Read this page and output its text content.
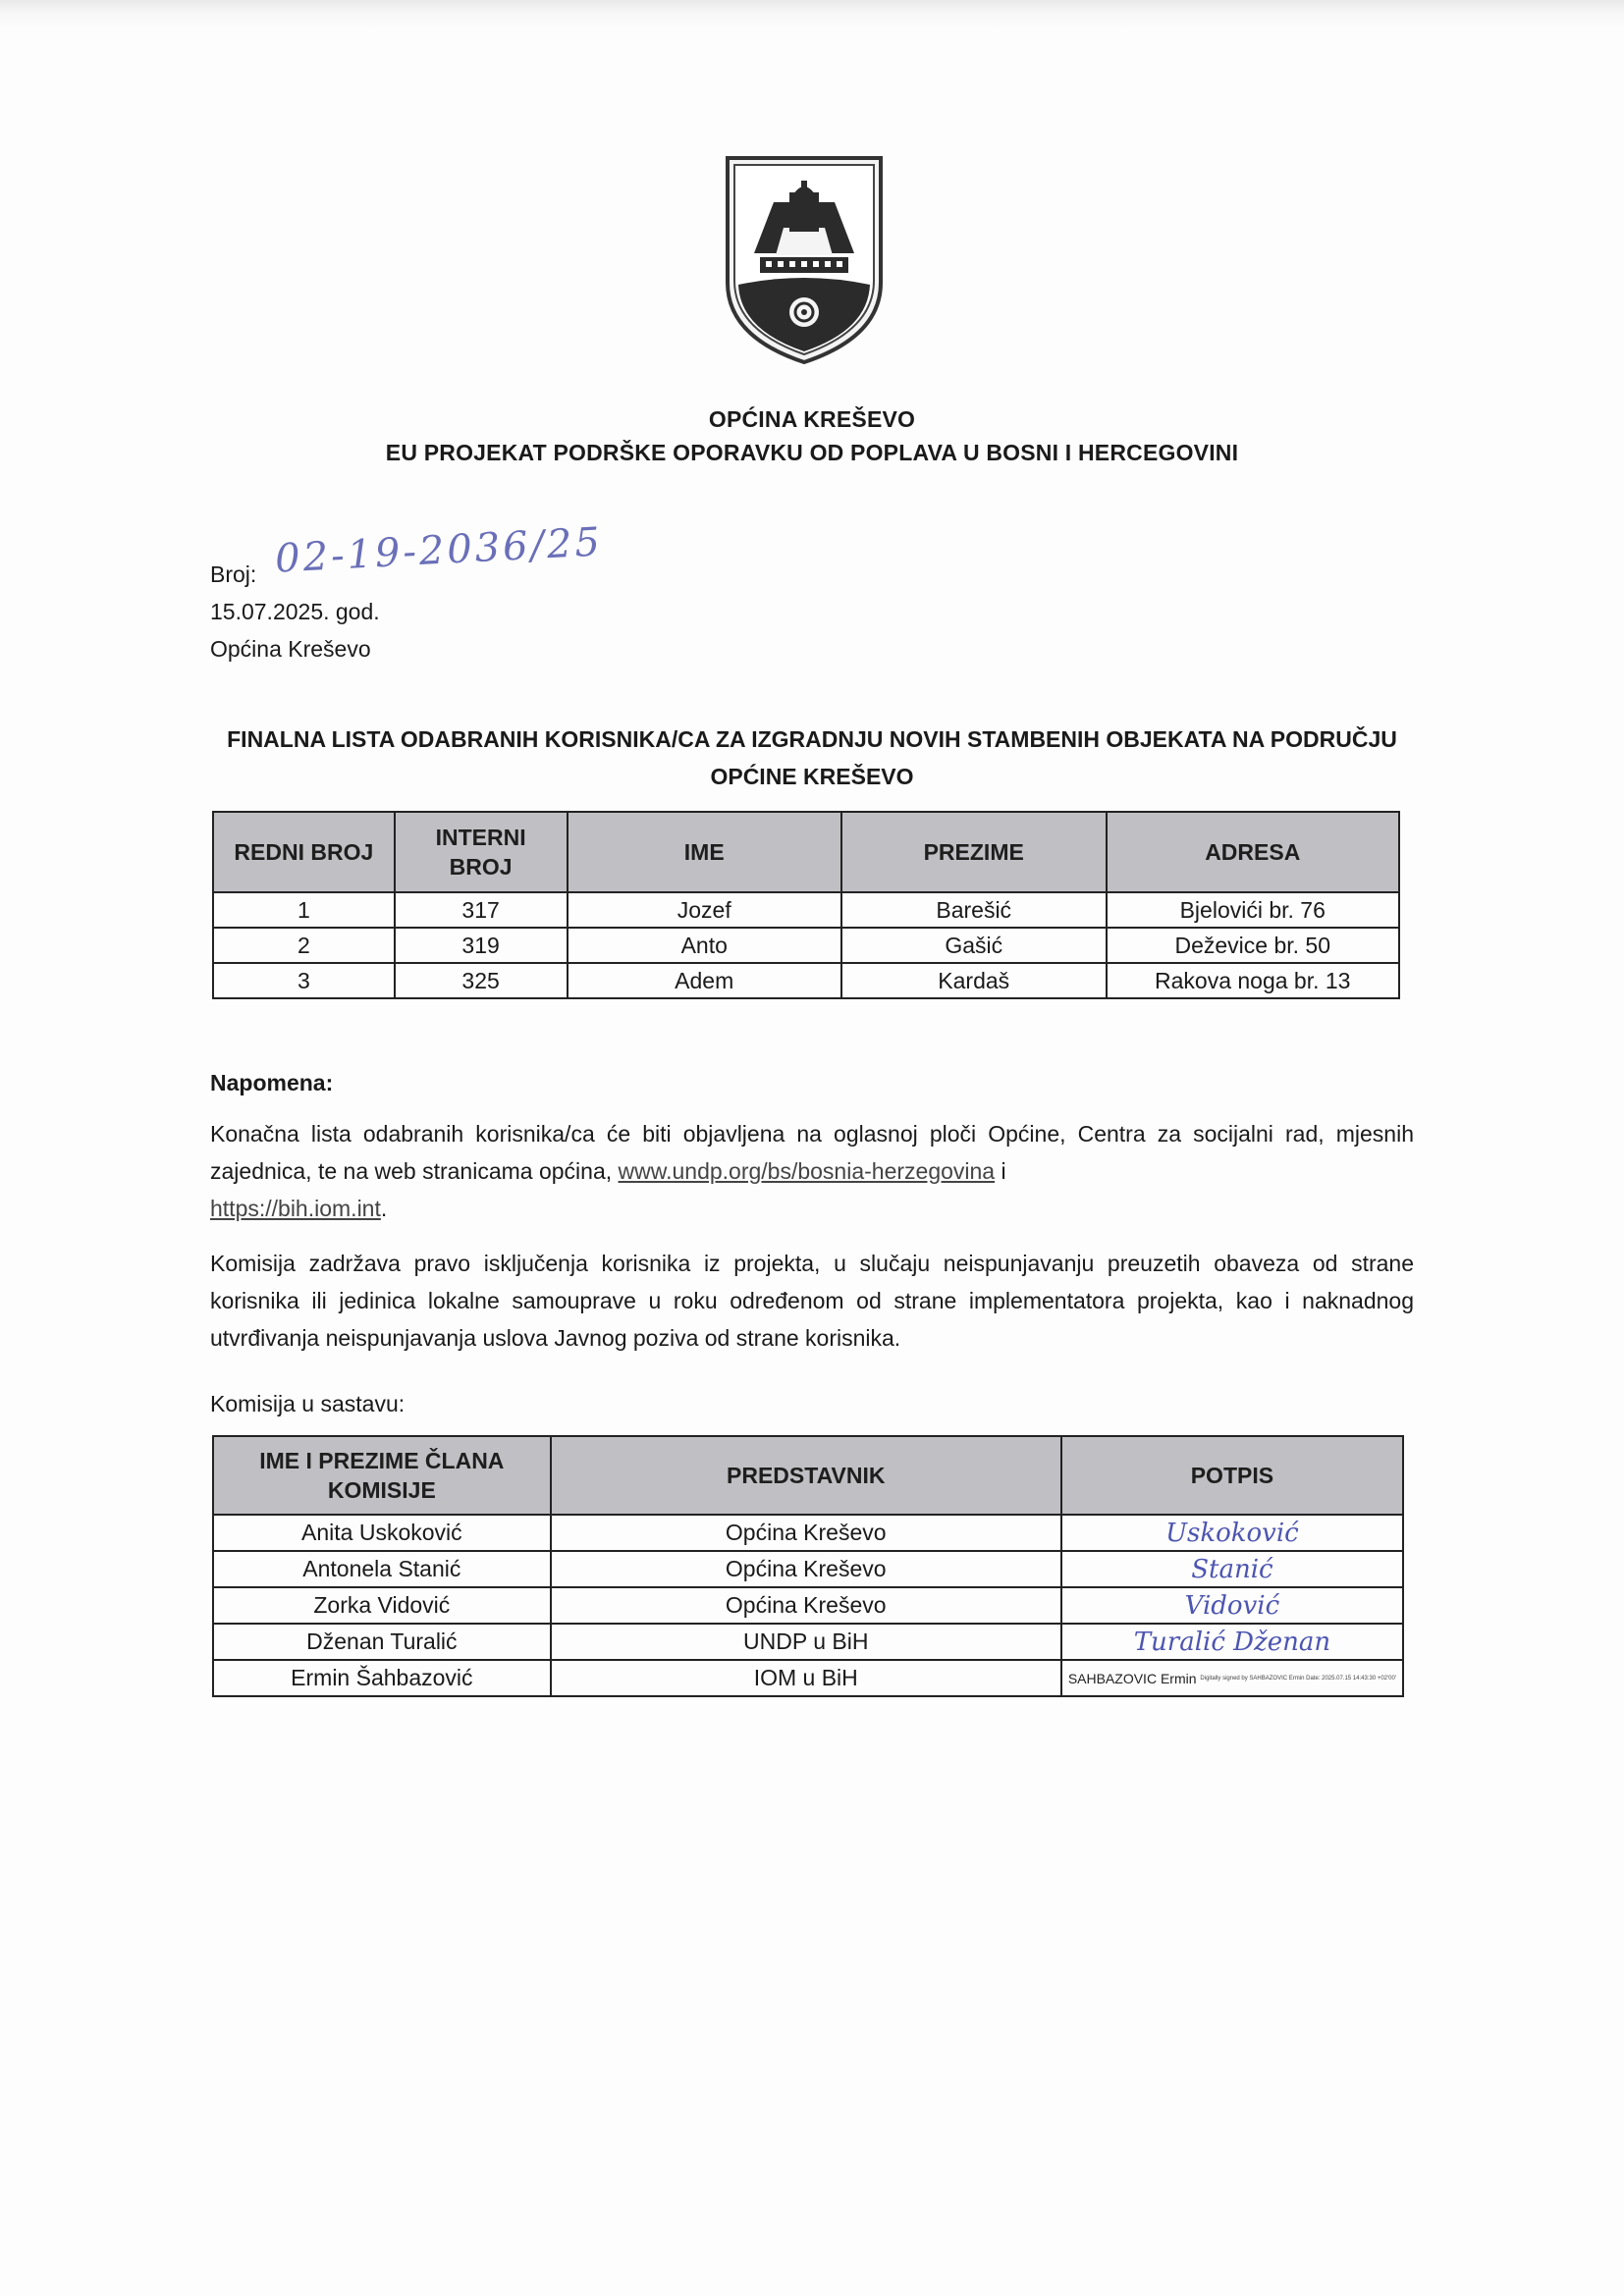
OPĆINA KREŠEVO
EU PROJEKAT PODRŠKE OPORAVKU OD POPLAVA U BOSNI I HERCEGOVINI
Broj: 02-19-2036/25
15.07.2025. god.
Općina Kreševo
FINALNA LISTA ODABRANIH KORISNIKA/CA ZA IZGRADNJU NOVIH STAMBENIH OBJEKATA NA PODRUČJU OPĆINE KREŠEVO
REDNI BROJ	INTERNI BROJ	IME	PREZIME	ADRESA
1	317	Jozef	Barešić	Bjelovići br. 76
2	319	Anto	Gašić	Deževice br. 50
3	325	Adem	Kardaš	Rakova noga br. 13
Napomena:
Konačna lista odabranih korisnika/ca će biti objavljena na oglasnoj ploči Općine, Centra za socijalni rad, mjesnih zajednica, te na web stranicama općina, www.undp.org/bs/bosnia-herzegovina i
https://bih.iom.int.
Komisija zadržava pravo isključenja korisnika iz projekta, u slučaju neispunjavanju preuzetih obaveza od strane korisnika ili jedinica lokalne samouprave u roku određenom od strane implementatora projekta, kao i naknadnog utvrđivanja neispunjavanja uslova Javnog poziva od strane korisnika.
Komisija u sastavu:
IME I PREZIME ČLANA KOMISIJE	PREDSTAVNIK	POTPIS
Anita Uskoković	Općina Kreševo	Uskoković
Antonela Stanić	Općina Kreševo	Stanić
Zorka Vidović	Općina Kreševo	Vidović
Dženan Turalić	UNDP u BiH	Turalić Dženan
Ermin Šahbazović	IOM u BiH	SAHBAZOVIC Ermin Digitally signed by SAHBAZOVIC Ermin Date: 2025.07.15 14:43:30 +02'00'
